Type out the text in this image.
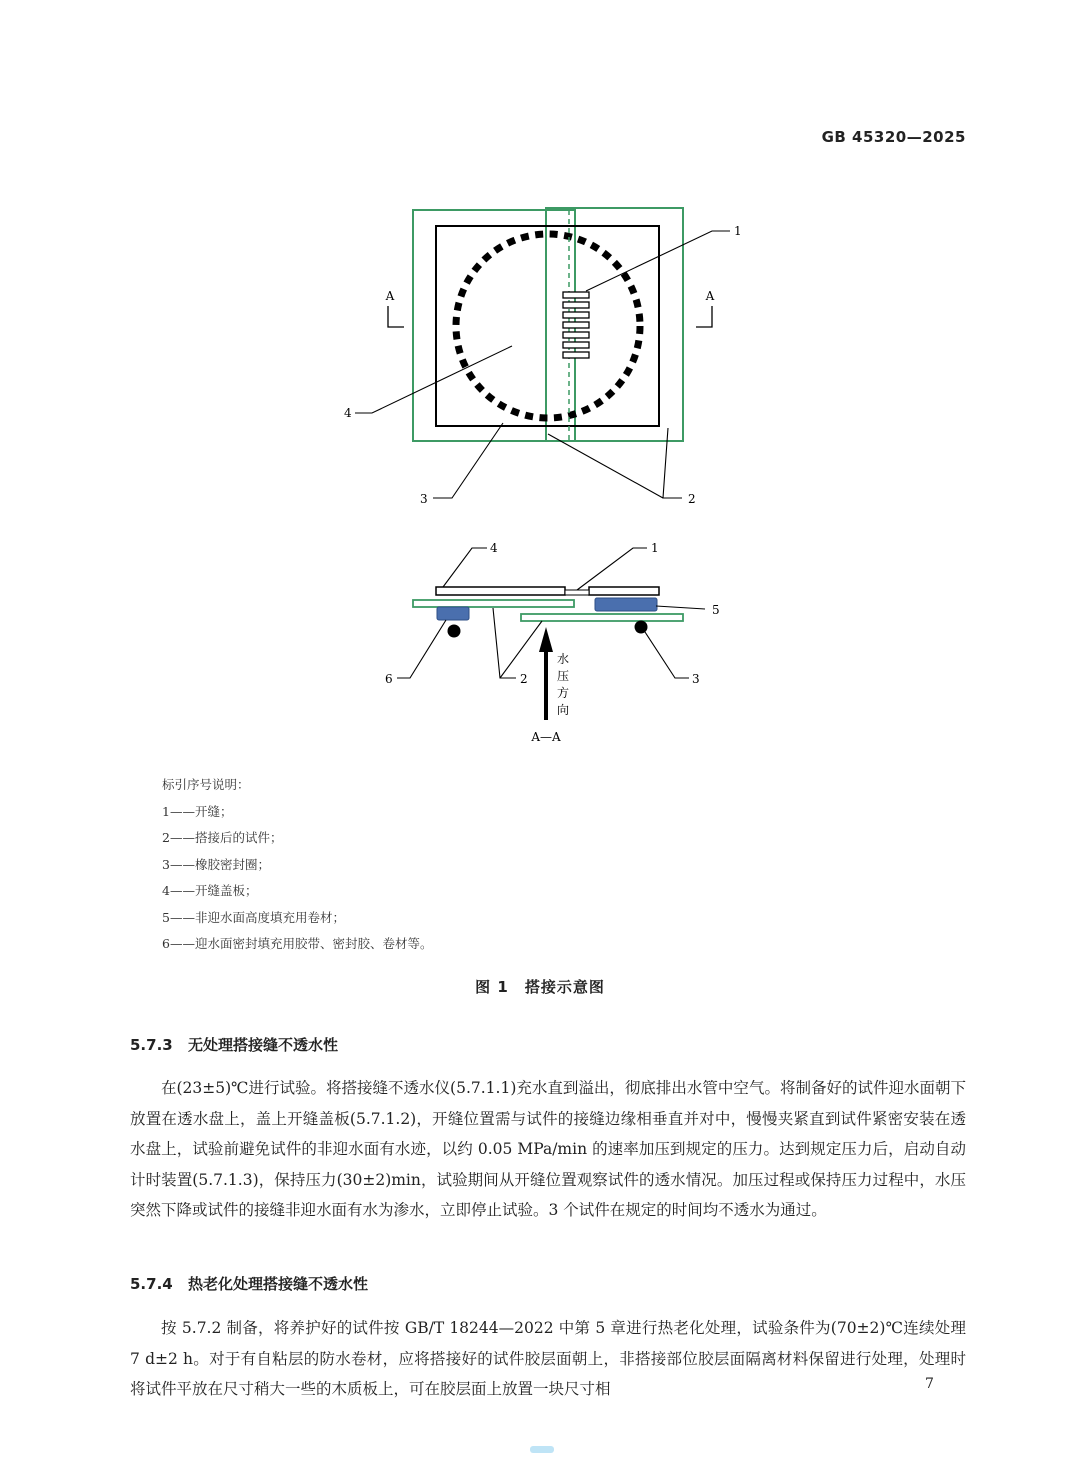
GB 45320—2025
A	A
1
4
3	2
水
压
方
向
A—A
4	1
5
6	2	3
标引序号说明：
1——开缝；
2——搭接后的试件；
3——橡胶密封圈；
4——开缝盖板；
5——非迎水面高度填充用卷材；
6——迎水面密封填充用胶带、密封胶、卷材等。
图 1　搭接示意图
5.7.3 无处理搭接缝不透水性
在(23±5)℃进行试验。将搭接缝不透水仪(5.7.1.1)充水直到溢出，彻底排出水管中空气。将制备好的试件迎水面朝下放置在透水盘上，盖上开缝盖板(5.7.1.2)，开缝位置需与试件的接缝边缘相垂直并对中，慢慢夹紧直到试件紧密安装在透水盘上，试验前避免试件的非迎水面有水迹，以约 0.05 MPa/min 的速率加压到规定的压力。达到规定压力后，启动自动计时装置(5.7.1.3)，保持压力(30±2)min，试验期间从开缝位置观察试件的透水情况。加压过程或保持压力过程中，水压突然下降或试件的接缝非迎水面有水为渗水，立即停止试验。3 个试件在规定的时间均不透水为通过。
5.7.4 热老化处理搭接缝不透水性
按 5.7.2 制备，将养护好的试件按 GB/T 18244—2022 中第 5 章进行热老化处理，试验条件为(70±2)℃连续处理 7 d±2 h。对于有自粘层的防水卷材，应将搭接好的试件胶层面朝上，非搭接部位胶层面隔离材料保留进行处理，处理时将试件平放在尺寸稍大一些的木质板上，可在胶层面上放置一块尺寸相	7
